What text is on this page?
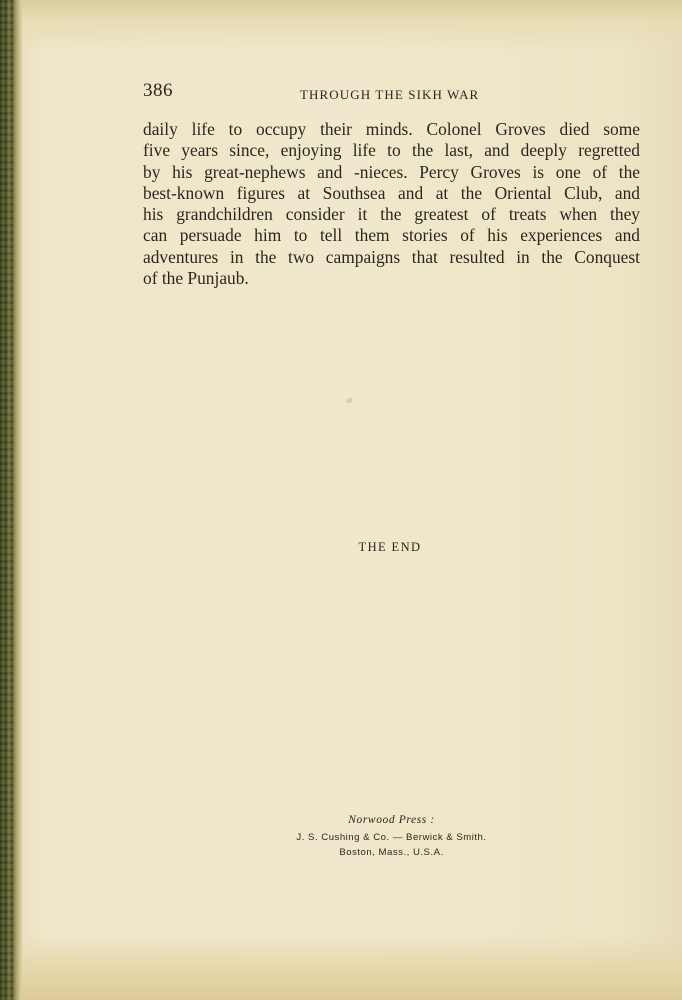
386	THROUGH THE SIKH WAR

daily life to occupy their minds. Colonel Groves died some
five years since, enjoying life to the last, and deeply regretted
by his great-nephews and -nieces. Percy Groves is one of the
best-known figures at Southsea and at the Oriental Club, and
his grandchildren consider it the greatest of treats when they
can persuade him to tell them stories of his experiences and
adventures in the two campaigns that resulted in the Conquest
of the Punjaub.

THE END
Norwood Press :
J. S. Cushing & Co. — Berwick & Smith.
Boston, Mass., U.S.A.
